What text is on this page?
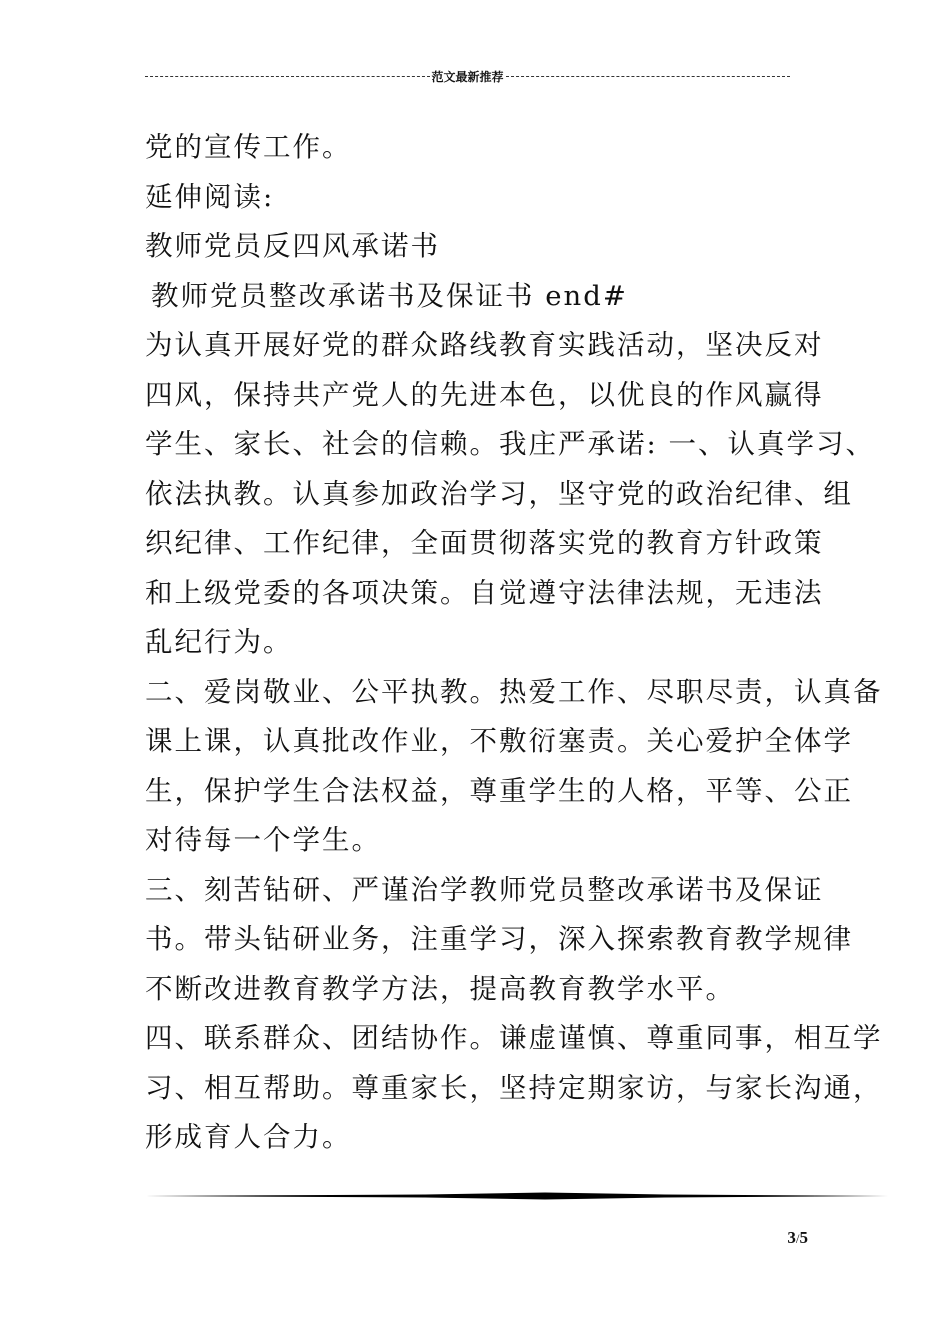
范文最新推荐

党的宣传工作。

延伸阅读:

教师党员反四风承诺书

教师党员整改承诺书及保证书 end#

为认真开展好党的群众路线教育实践活动，坚决反对

四风，保持共产党人的先进本色，以优良的作风赢得

学生、家长、社会的信赖。我庄严承诺: 一、认真学习、

依法执教。认真参加政治学习，坚守党的政治纪律、组

织纪律、工作纪律，全面贯彻落实党的教育方针政策

和上级党委的各项决策。自觉遵守法律法规，无违法

乱纪行为。

二、爱岗敬业、公平执教。热爱工作、尽职尽责，认真备

课上课，认真批改作业，不敷衍塞责。关心爱护全体学

生，保护学生合法权益，尊重学生的人格，平等、公正

对待每一个学生。

三、刻苦钻研、严谨治学教师党员整改承诺书及保证

书。带头钻研业务，注重学习，深入探索教育教学规律

不断改进教育教学方法，提高教育教学水平。

四、联系群众、团结协作。谦虚谨慎、尊重同事，相互学

习、相互帮助。尊重家长，坚持定期家访，与家长沟通，

形成育人合力。

3/5
